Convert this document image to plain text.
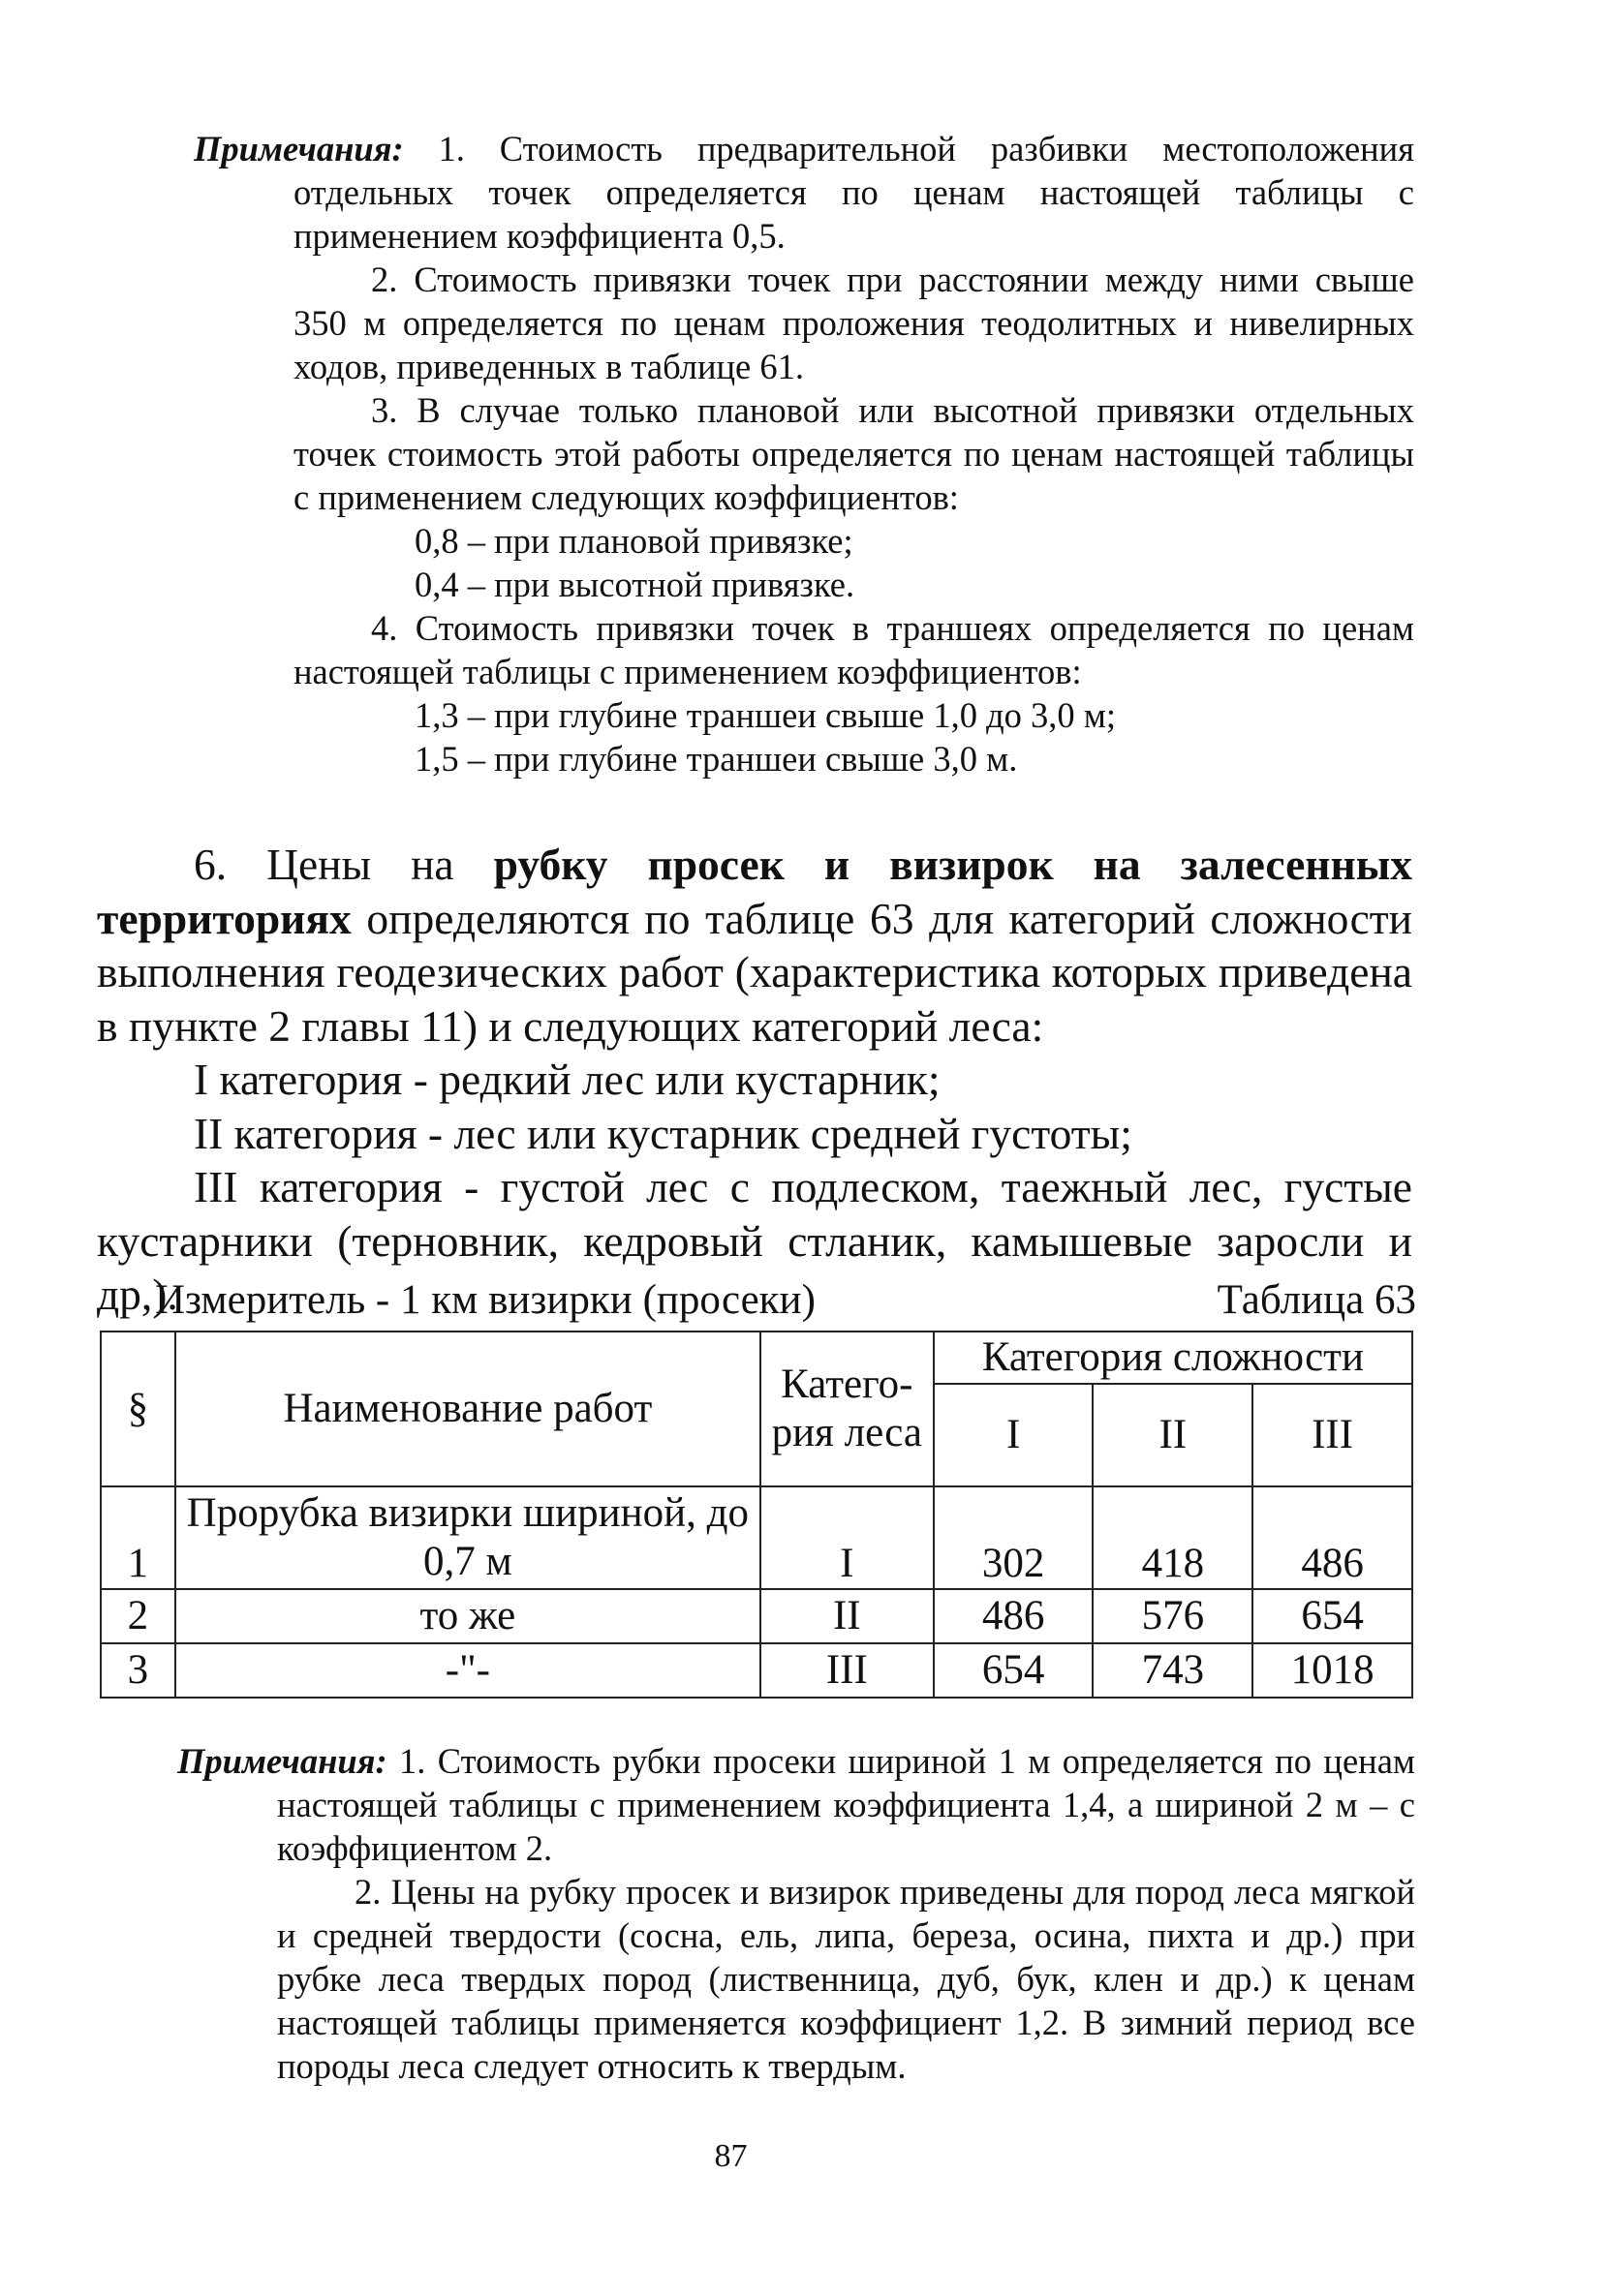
Примечания: 1. Стоимость предварительной разбивки местоположения отдельных точек определяется по ценам настоящей таблицы с применением коэффициента 0,5.

2. Стоимость привязки точек при расстоянии между ними свыше 350 м определяется по ценам проложения теодолитных и нивелирных ходов, приведенных в таблице 61.

3. В случае только плановой или высотной привязки отдельных точек стоимость этой работы определяется по ценам настоящей таблицы с применением следующих коэффициентов:

0,8 – при плановой привязке;

0,4 – при высотной привязке.

4. Стоимость привязки точек в траншеях определяется по ценам настоящей таблицы с применением коэффициентов:

1,3 – при глубине траншеи свыше 1,0 до 3,0 м;

1,5 – при глубине траншеи свыше 3,0 м.

6. Цены на рубку просек и визирок на залесенных территориях определяются по таблице 63 для категорий сложности выполнения геодезических работ (характеристика которых приведена в пункте 2 главы 11) и следующих категорий леса:

I категория - редкий лес или кустарник;

II категория - лес или кустарник средней густоты;

III категория - густой лес с подлеском, таежный лес, густые кустарники (терновник, кедровый стланик, камышевые заросли и др,).

Измеритель - 1 км визирки (просеки)	Таблица 63
§	Наименование работ	Катего-рия леса	Категория сложности		
			I	II	III
1	Прорубка визирки шириной, до 0,7 м	I	302	418	486
2	то же	II	486	576	654
3	-"-	III	654	743	1018

Примечания: 1. Стоимость рубки просеки шириной 1 м определяется по ценам настоящей таблицы с применением коэффициента 1,4, а шириной 2 м – с коэффициентом 2.

2. Цены на рубку просек и визирок приведены для пород леса мягкой и средней твердости (сосна, ель, липа, береза, осина, пихта и др.) при рубке леса твердых пород (лиственница, дуб, бук, клен и др.) к ценам настоящей таблицы применяется коэффициент 1,2. В зимний период все породы леса следует относить к твердым.

87
